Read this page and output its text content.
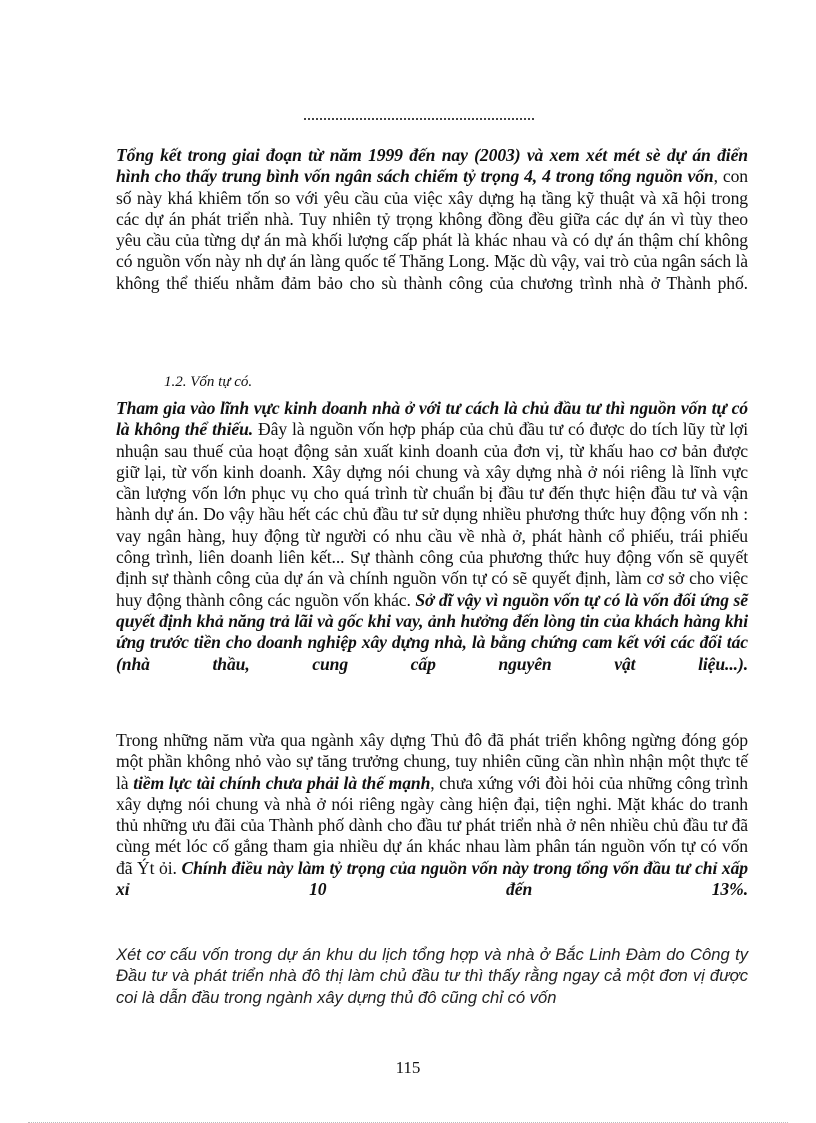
Tổng kết trong giai đoạn từ năm 1999 đến nay (2003) và xem xét mét sè dự án điển hình cho thấy trung bình vốn ngân sách chiếm tỷ trọng 4, 4 trong tổng nguồn vốn, con số này khá khiêm tốn so với yêu cầu của việc xây dựng hạ tầng kỹ thuật và xã hội trong các dự án phát triển nhà. Tuy nhiên tỷ trọng không đồng đều giữa các dự án vì tùy theo yêu cầu của từng dự án mà khối lượng cấp phát là khác nhau và có dự án thậm chí không có nguồn vốn này nh dự án làng quốc tế Thăng Long. Mặc dù vậy, vai trò của ngân sách là không thể thiếu nhằm đảm bảo cho sù thành công của chương trình nhà ở Thành phố.

1.2. Vốn tự có.

Tham gia vào lĩnh vực kinh doanh nhà ở với tư cách là chủ đầu tư thì nguồn vốn tự có là không thể thiếu. Đây là nguồn vốn hợp pháp của chủ đầu tư có được do tích lũy từ lợi nhuận sau thuế của hoạt động sản xuất kinh doanh của đơn vị, từ khấu hao cơ bản được giữ lại, từ vốn kinh doanh. Xây dựng nói chung và xây dựng nhà ở nói riêng là lĩnh vực cần lượng vốn lớn phục vụ cho quá trình từ chuẩn bị đầu tư đến thực hiện đầu tư và vận hành dự án. Do vậy hầu hết các chủ đầu tư sử dụng nhiều phương thức huy động vốn nh : vay ngân hàng, huy động từ người có nhu cầu về nhà ở, phát hành cổ phiếu, trái phiếu công trình, liên doanh liên kết... Sự thành công của phương thức huy động vốn sẽ quyết định sự thành công của dự án và chính nguồn vốn tự có sẽ quyết định, làm cơ sở cho việc huy động thành công các nguồn vốn khác. Sở dĩ vậy vì nguồn vốn tự có là vốn đối ứng sẽ quyết định khả năng trả lãi và gốc khi vay, ảnh hưởng đến lòng tin của khách hàng khi ứng trước tiền cho doanh nghiệp xây dựng nhà, là bằng chứng cam kết với các đối tác (nhà thầu, cung cấp nguyên vật liệu...).

Trong những năm vừa qua ngành xây dựng Thủ đô đã phát triển không ngừng đóng góp một phần không nhỏ vào sự tăng trưởng chung, tuy nhiên cũng cần nhìn nhận một thực tế là tiềm lực tài chính chưa phải là thế mạnh, chưa xứng với đòi hỏi của những công trình xây dựng nói chung và nhà ở nói riêng ngày càng hiện đại, tiện nghi. Mặt khác do tranh thủ những ưu đãi của Thành phố dành cho đầu tư phát triển nhà ở nên nhiều chủ đầu tư đã cùng mét lóc cố gắng tham gia nhiều dự án khác nhau làm phân tán nguồn vốn tự có vốn đã Ýt ỏi. Chính điều này làm tỷ trọng của nguồn vốn này trong tổng vốn đầu tư chỉ xấp xỉ 10 đến 13%.

Xét cơ cấu vốn trong dự án khu du lịch tổng hợp và nhà ở Bắc Linh Đàm do Công ty Đầu tư và phát triển nhà đô thị làm chủ đầu tư thì thấy rằng ngay cả một đơn vị được coi là dẫn đầu trong ngành xây dựng thủ đô cũng chỉ có vốn
115
